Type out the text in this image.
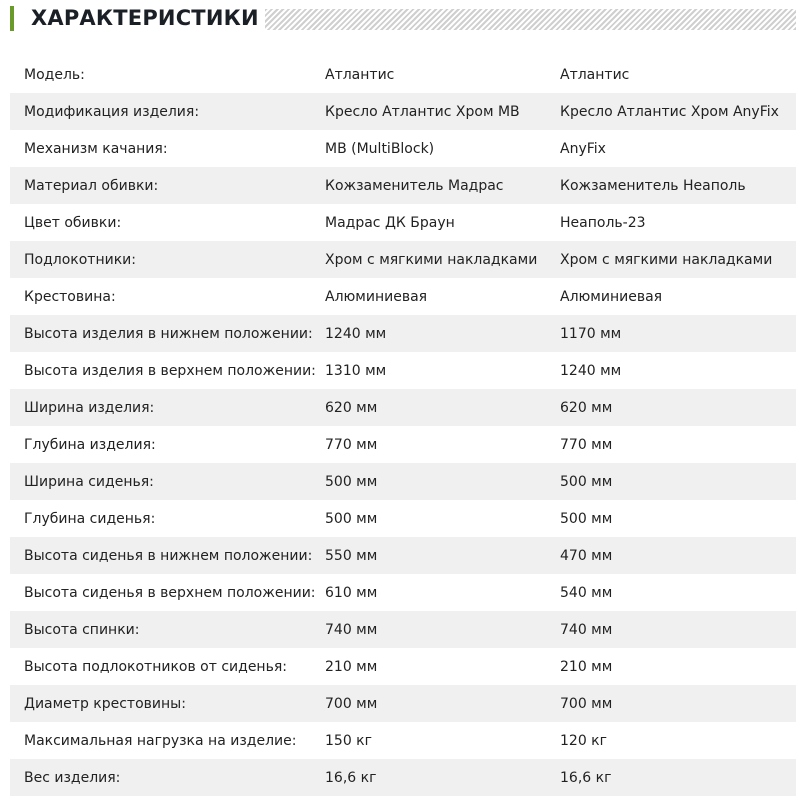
ХАРАКТЕРИСТИКИ
Модель:	Атлантис	Атлантис
Модификация изделия:	Кресло Атлантис Хром MB	Кресло Атлантис Хром AnyFix
Механизм качания:	MB (MultiBlock)	AnyFix
Материал обивки:	Кожзаменитель Мадрас	Кожзаменитель Неаполь
Цвет обивки:	Мадрас ДК Браун	Неаполь-23
Подлокотники:	Хром с мягкими накладками	Хром с мягкими накладками
Крестовина:	Алюминиевая	Алюминиевая
Высота изделия в нижнем положении: 1240 мм	1170 мм
Высота изделия в верхнем положении: 1310 мм	1240 мм
Ширина изделия:	620 мм	620 мм
Глубина изделия:	770 мм	770 мм
Ширина сиденья:	500 мм	500 мм
Глубина сиденья:	500 мм	500 мм
Высота сиденья в нижнем положении: 550 мм	470 мм
Высота сиденья в верхнем положении: 610 мм	540 мм
Высота спинки:	740 мм	740 мм
Высота подлокотников от сиденья:	210 мм	210 мм
Диаметр крестовины:	700 мм	700 мм
Максимальная нагрузка на изделие:	150 кг	120 кг
Вес изделия:	16,6 кг	16,6 кг
